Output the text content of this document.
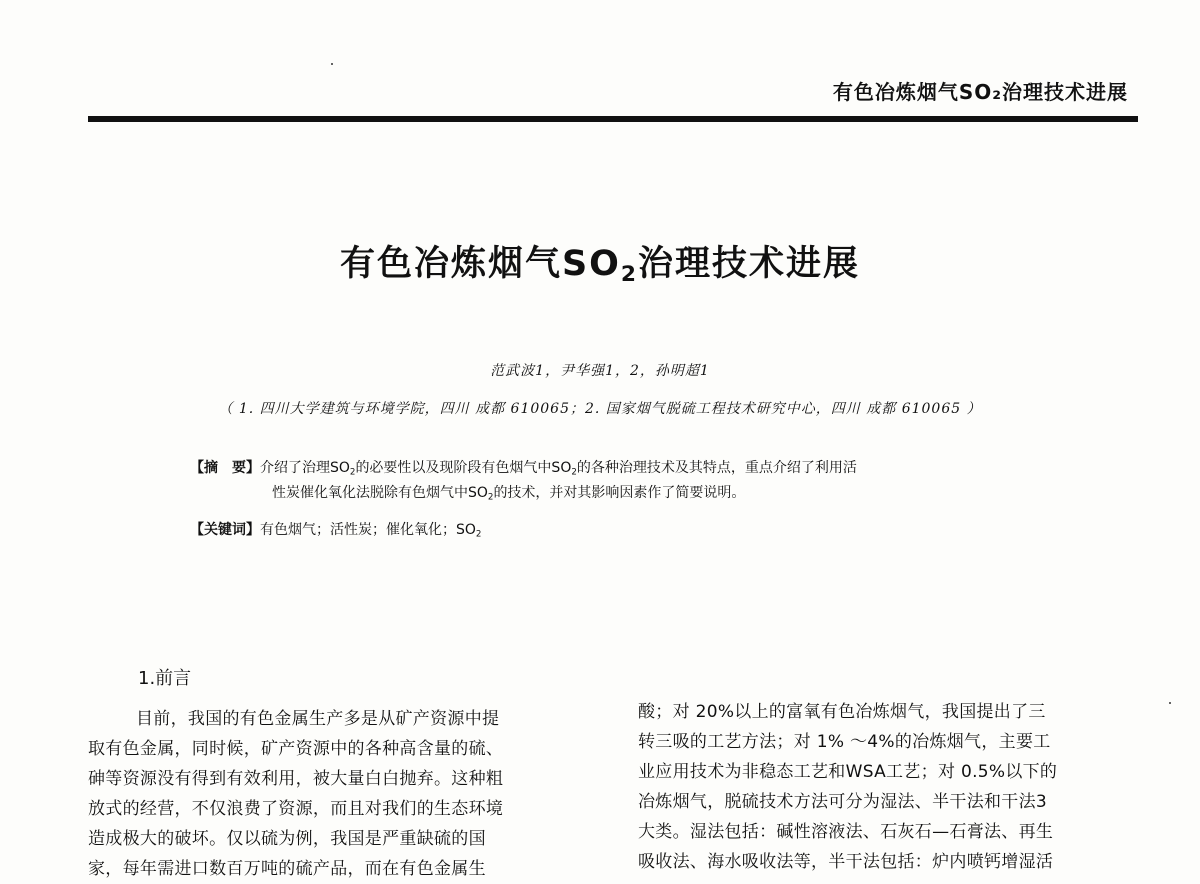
有色冶炼烟气SO₂治理技术进展
有色冶炼烟气$SO_2$治理技术进展
范武波1，尹华强1，2，孙明超1
（ 1. 四川大学建筑与环境学院，四川 成都 610065；2. 国家烟气脱硫工程技术研究中心，四川 成都 610065 ）
【摘　要】介绍了治理$SO_2$的必要性以及现阶段有色烟气中$SO_2$的各种治理技术及其特点，重点介绍了利用活
性炭催化氧化法脱除有色烟气中$SO_2$的技术，并对其影响因素作了简要说明。
【关键词】有色烟气；活性炭；催化氧化；$SO_2$
1.前言
目前，我国的有色金属生产多是从矿产资源中提
取有色金属，同时候，矿产资源中的各种高含量的硫、
砷等资源没有得到有效利用，被大量白白抛弃。这种粗
放式的经营，不仅浪费了资源，而且对我们的生态环境
造成极大的破坏。仅以硫为例，我国是严重缺硫的国
家，每年需进口数百万吨的硫产品，而在有色金属生
酸；对 20%以上的富氧有色冶炼烟气，我国提出了三
转三吸的工艺方法；对 1% ～4%的冶炼烟气，主要工
业应用技术为非稳态工艺和WSA工艺；对 0.5%以下的
冶炼烟气，脱硫技术方法可分为湿法、半干法和干法3
大类。湿法包括：碱性溶液法、石灰石—石膏法、再生
吸收法、海水吸收法等，半干法包括：炉内喷钙增湿活
